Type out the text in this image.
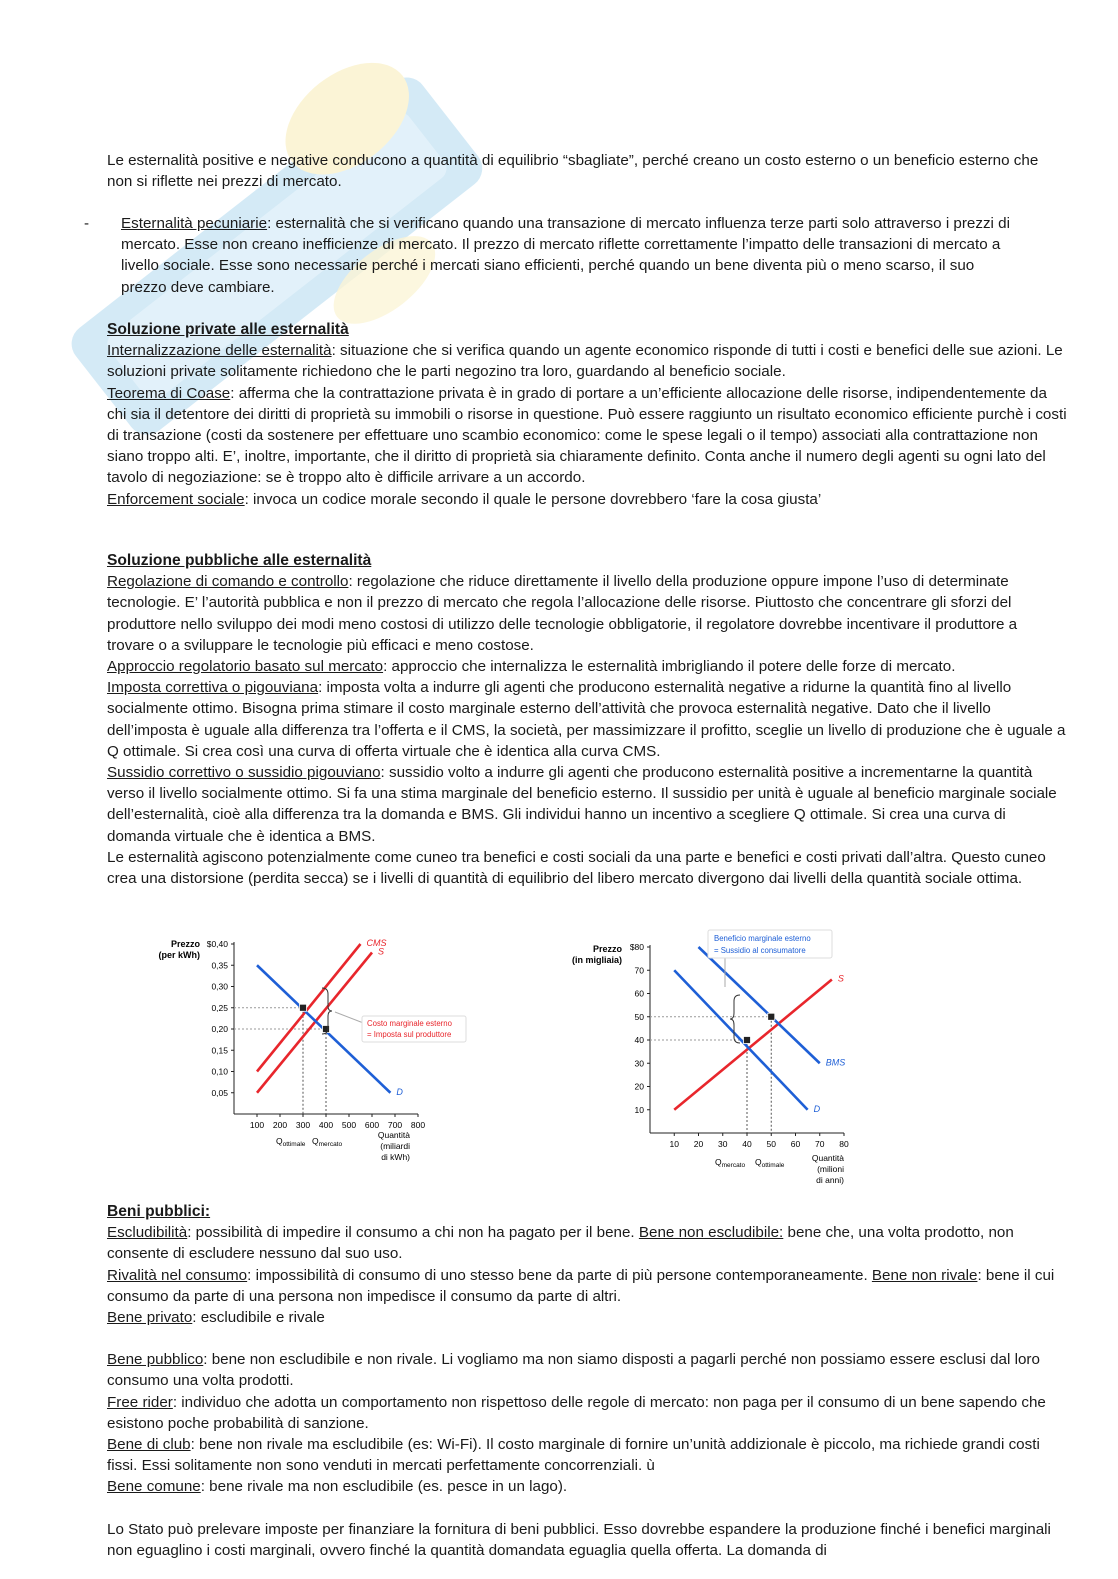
Le esternalità positive e negative conducono a quantità di equilibrio “sbagliate”, perché creano un costo esterno o un beneficio esterno che non si riflette nei prezzi di mercato.

- Esternalità pecuniarie: esternalità che si verificano quando una transazione di mercato influenza terze parti solo attraverso i prezzi di mercato. Esse non creano inefficienze di mercato. Il prezzo di mercato riflette correttamente l’impatto delle transazioni di mercato a livello sociale. Esse sono necessarie perché i mercati siano efficienti, perché quando un bene diventa più o meno scarso, il suo prezzo deve cambiare.

Soluzione private alle esternalità

Internalizzazione delle esternalità: situazione che si verifica quando un agente economico risponde di tutti i costi e benefici delle sue azioni. Le soluzioni private solitamente richiedono che le parti negozino tra loro, guardando al beneficio sociale.

Teorema di Coase: afferma che la contrattazione privata è in grado di portare a un’efficiente allocazione delle risorse, indipendentemente da chi sia il detentore dei diritti di proprietà su immobili o risorse in questione. Può essere raggiunto un risultato economico efficiente purchè i costi di transazione (costi da sostenere per effettuare uno scambio economico: come le spese legali o il tempo) associati alla contrattazione non siano troppo alti. E’, inoltre, importante, che il diritto di proprietà sia chiaramente definito. Conta anche il numero degli agenti su ogni lato del tavolo di negoziazione: se è troppo alto è difficile arrivare a un accordo.

Enforcement sociale: invoca un codice morale secondo il quale le persone dovrebbero ‘fare la cosa giusta’

Soluzione pubbliche alle esternalità

Regolazione di comando e controllo: regolazione che riduce direttamente il livello della produzione oppure impone l’uso di determinate tecnologie. E’ l’autorità pubblica e non il prezzo di mercato che regola l’allocazione delle risorse. Piuttosto che concentrare gli sforzi del produttore nello sviluppo dei modi meno costosi di utilizzo delle tecnologie obbligatorie, il regolatore dovrebbe incentivare il produttore a trovare o a sviluppare le tecnologie più efficaci e meno costose.

Approccio regolatorio basato sul mercato: approccio che internalizza le esternalità imbrigliando il potere delle forze di mercato.

Imposta correttiva o pigouviana: imposta volta a indurre gli agenti che producono esternalità negative a ridurne la quantità fino al livello socialmente ottimo. Bisogna prima stimare il costo marginale esterno dell’attività che provoca esternalità negative. Dato che il livello dell’imposta è uguale alla differenza tra l’offerta e il CMS, la società, per massimizzare il profitto, sceglie un livello di produzione che è uguale a Q ottimale. Si crea così una curva di offerta virtuale che è identica alla curva CMS.

Sussidio correttivo o sussidio pigouviano: sussidio volto a indurre gli agenti che producono esternalità positive a incrementarne la quantità verso il livello socialmente ottimo. Si fa una stima marginale del beneficio esterno. Il sussidio per unità è uguale al beneficio marginale sociale dell’esternalità, cioè alla differenza tra la domanda e BMS. Gli individui hanno un incentivo a scegliere Q ottimale. Si crea una curva di domanda virtuale che è identica a BMS.

Le esternalità agiscono potenzialmente come cuneo tra benefici e costi sociali da una parte e benefici e costi privati dall’altra. Questo cuneo crea una distorsione (perdita secca) se i livelli di quantità di equilibrio del libero mercato divergono dai livelli della quantità sociale ottima.

Prezzo
(per kWh)
$0,40
0,35
0,30
0,25
0,20
0,15
0,10
0,05
100 200 300 400 500 600 700 800
CMS
S
D
Costo marginale esterno
= Imposta sul produttore
Quantità
(miliardi
di kWh)
$Q_{ottimale}$ $Q_{mercato}$
Prezzo
(in migliaia)
$80
70
60
50
40
30
20
10
10 20 30 40 50 60 70 80
S
BMS
D
Beneficio marginale esterno
= Sussidio al consumatore
Quantità
(milioni
di anni)
$Q_{mercato}$ $Q_{ottimale}$

Beni pubblici:

Escludibilità: possibilità di impedire il consumo a chi non ha pagato per il bene. Bene non escludibile: bene che, una volta prodotto, non consente di escludere nessuno dal suo uso.

Rivalità nel consumo: impossibilità di consumo di uno stesso bene da parte di più persone contemporaneamente. Bene non rivale: bene il cui consumo da parte di una persona non impedisce il consumo da parte di altri.

Bene privato: escludibile e rivale

Bene pubblico: bene non escludibile e non rivale. Li vogliamo ma non siamo disposti a pagarli perché non possiamo essere esclusi dal loro consumo una volta prodotti.

Free rider: individuo che adotta un comportamento non rispettoso delle regole di mercato: non paga per il consumo di un bene sapendo che esistono poche probabilità di sanzione.

Bene di club: bene non rivale ma escludibile (es: Wi-Fi). Il costo marginale di fornire un’unità addizionale è piccolo, ma richiede grandi costi fissi. Essi solitamente non sono venduti in mercati perfettamente concorrenziali. ù

Bene comune: bene rivale ma non escludibile (es. pesce in un lago).

Lo Stato può prelevare imposte per finanziare la fornitura di beni pubblici. Esso dovrebbe espandere la produzione finché i benefici marginali non eguaglino i costi marginali, ovvero finché la quantità domandata eguaglia quella offerta. La domanda di
